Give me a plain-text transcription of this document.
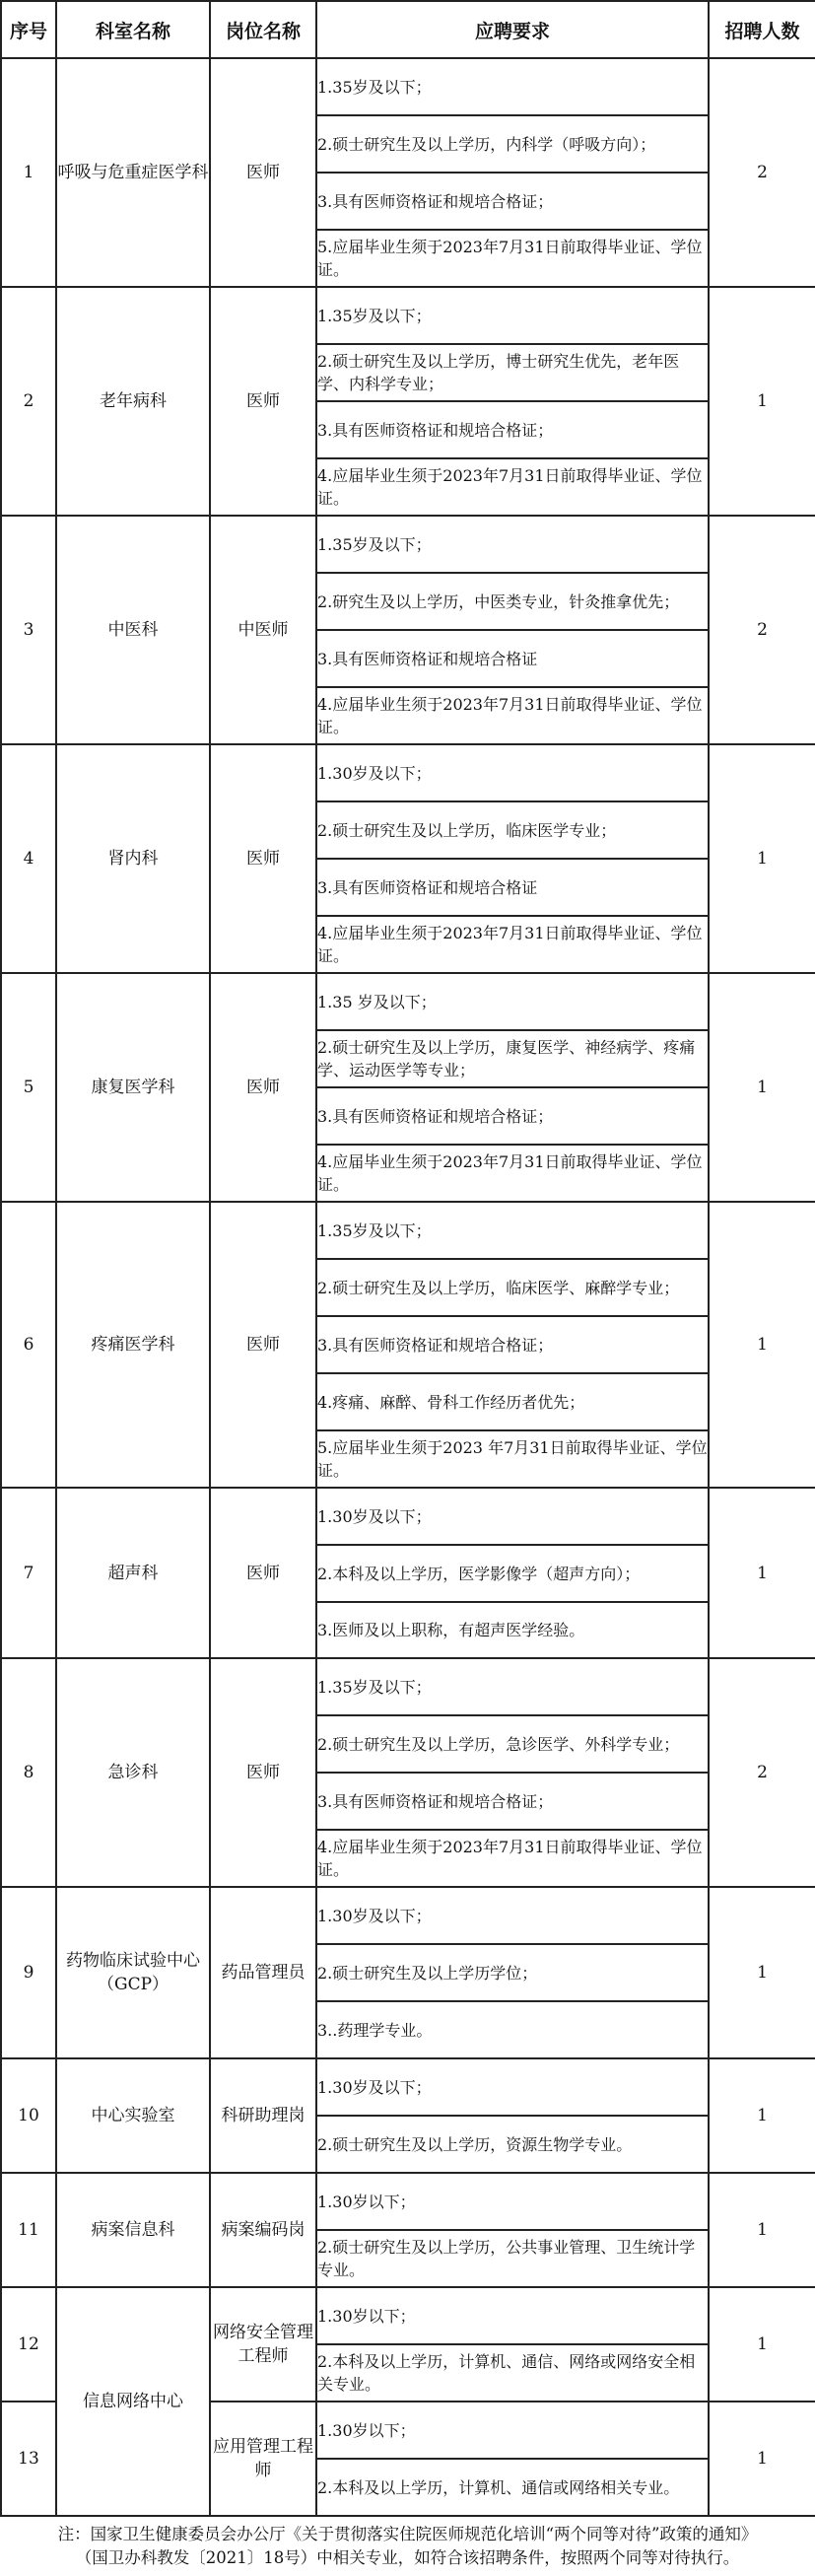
序号	科室名称	岗位名称	应聘要求	招聘人数
1	呼吸与危重症医学科	医师	1.35岁及以下；	2
			2.硕士研究生及以上学历，内科学（呼吸方向）；	
			3.具有医师资格证和规培合格证；	
			5.应届毕业生须于2023年7月31日前取得毕业证、学位证。	
2	老年病科	医师	1.35岁及以下；	1
			2.硕士研究生及以上学历，博士研究生优先，老年医学、内科学专业；	
			3.具有医师资格证和规培合格证；	
			4.应届毕业生须于2023年7月31日前取得毕业证、学位证。	
3	中医科	中医师	1.35岁及以下；	2
			2.研究生及以上学历，中医类专业，针灸推拿优先；	
			3.具有医师资格证和规培合格证	
			4.应届毕业生须于2023年7月31日前取得毕业证、学位证。	
4	肾内科	医师	1.30岁及以下；	1
			2.硕士研究生及以上学历，临床医学专业；	
			3.具有医师资格证和规培合格证	
			4.应届毕业生须于2023年7月31日前取得毕业证、学位证。	
5	康复医学科	医师	1.35 岁及以下；	1
			2.硕士研究生及以上学历，康复医学、神经病学、疼痛学、运动医学等专业；	
			3.具有医师资格证和规培合格证；	
			4.应届毕业生须于2023年7月31日前取得毕业证、学位证。	
6	疼痛医学科	医师	1.35岁及以下；	1
			2.硕士研究生及以上学历，临床医学、麻醉学专业；	
			3.具有医师资格证和规培合格证；	
			4.疼痛、麻醉、骨科工作经历者优先；	
			5.应届毕业生须于2023 年7月31日前取得毕业证、学位证。	
7	超声科	医师	1.30岁及以下；	1
			2.本科及以上学历，医学影像学（超声方向）；	
			3.医师及以上职称，有超声医学经验。	
8	急诊科	医师	1.35岁及以下；	2
			2.硕士研究生及以上学历，急诊医学、外科学专业；	
			3.具有医师资格证和规培合格证；	
			4.应届毕业生须于2023年7月31日前取得毕业证、学位证。	
9	药物临床试验中心（GCP）	药品管理员	1.30岁及以下；	1
			2.硕士研究生及以上学历学位；	
			3..药理学专业。	
10	中心实验室	科研助理岗	1.30岁及以下；	1
			2.硕士研究生及以上学历，资源生物学专业。	
11	病案信息科	病案编码岗	1.30岁以下；	1
			2.硕士研究生及以上学历，公共事业管理、卫生统计学专业。	
12	信息网络中心	网络安全管理工程师	1.30岁以下；	1
			2.本科及以上学历，计算机、通信、网络或网络安全相关专业。	
13		应用管理工程师	1.30岁以下；	1
			2.本科及以上学历，计算机、通信或网络相关专业。	
注：国家卫生健康委员会办公厅《关于贯彻落实住院医师规范化培训“两个同等对待”政策的通知》
（国卫办科教发〔2021〕18号）中相关专业，如符合该招聘条件，按照两个同等对待执行。
